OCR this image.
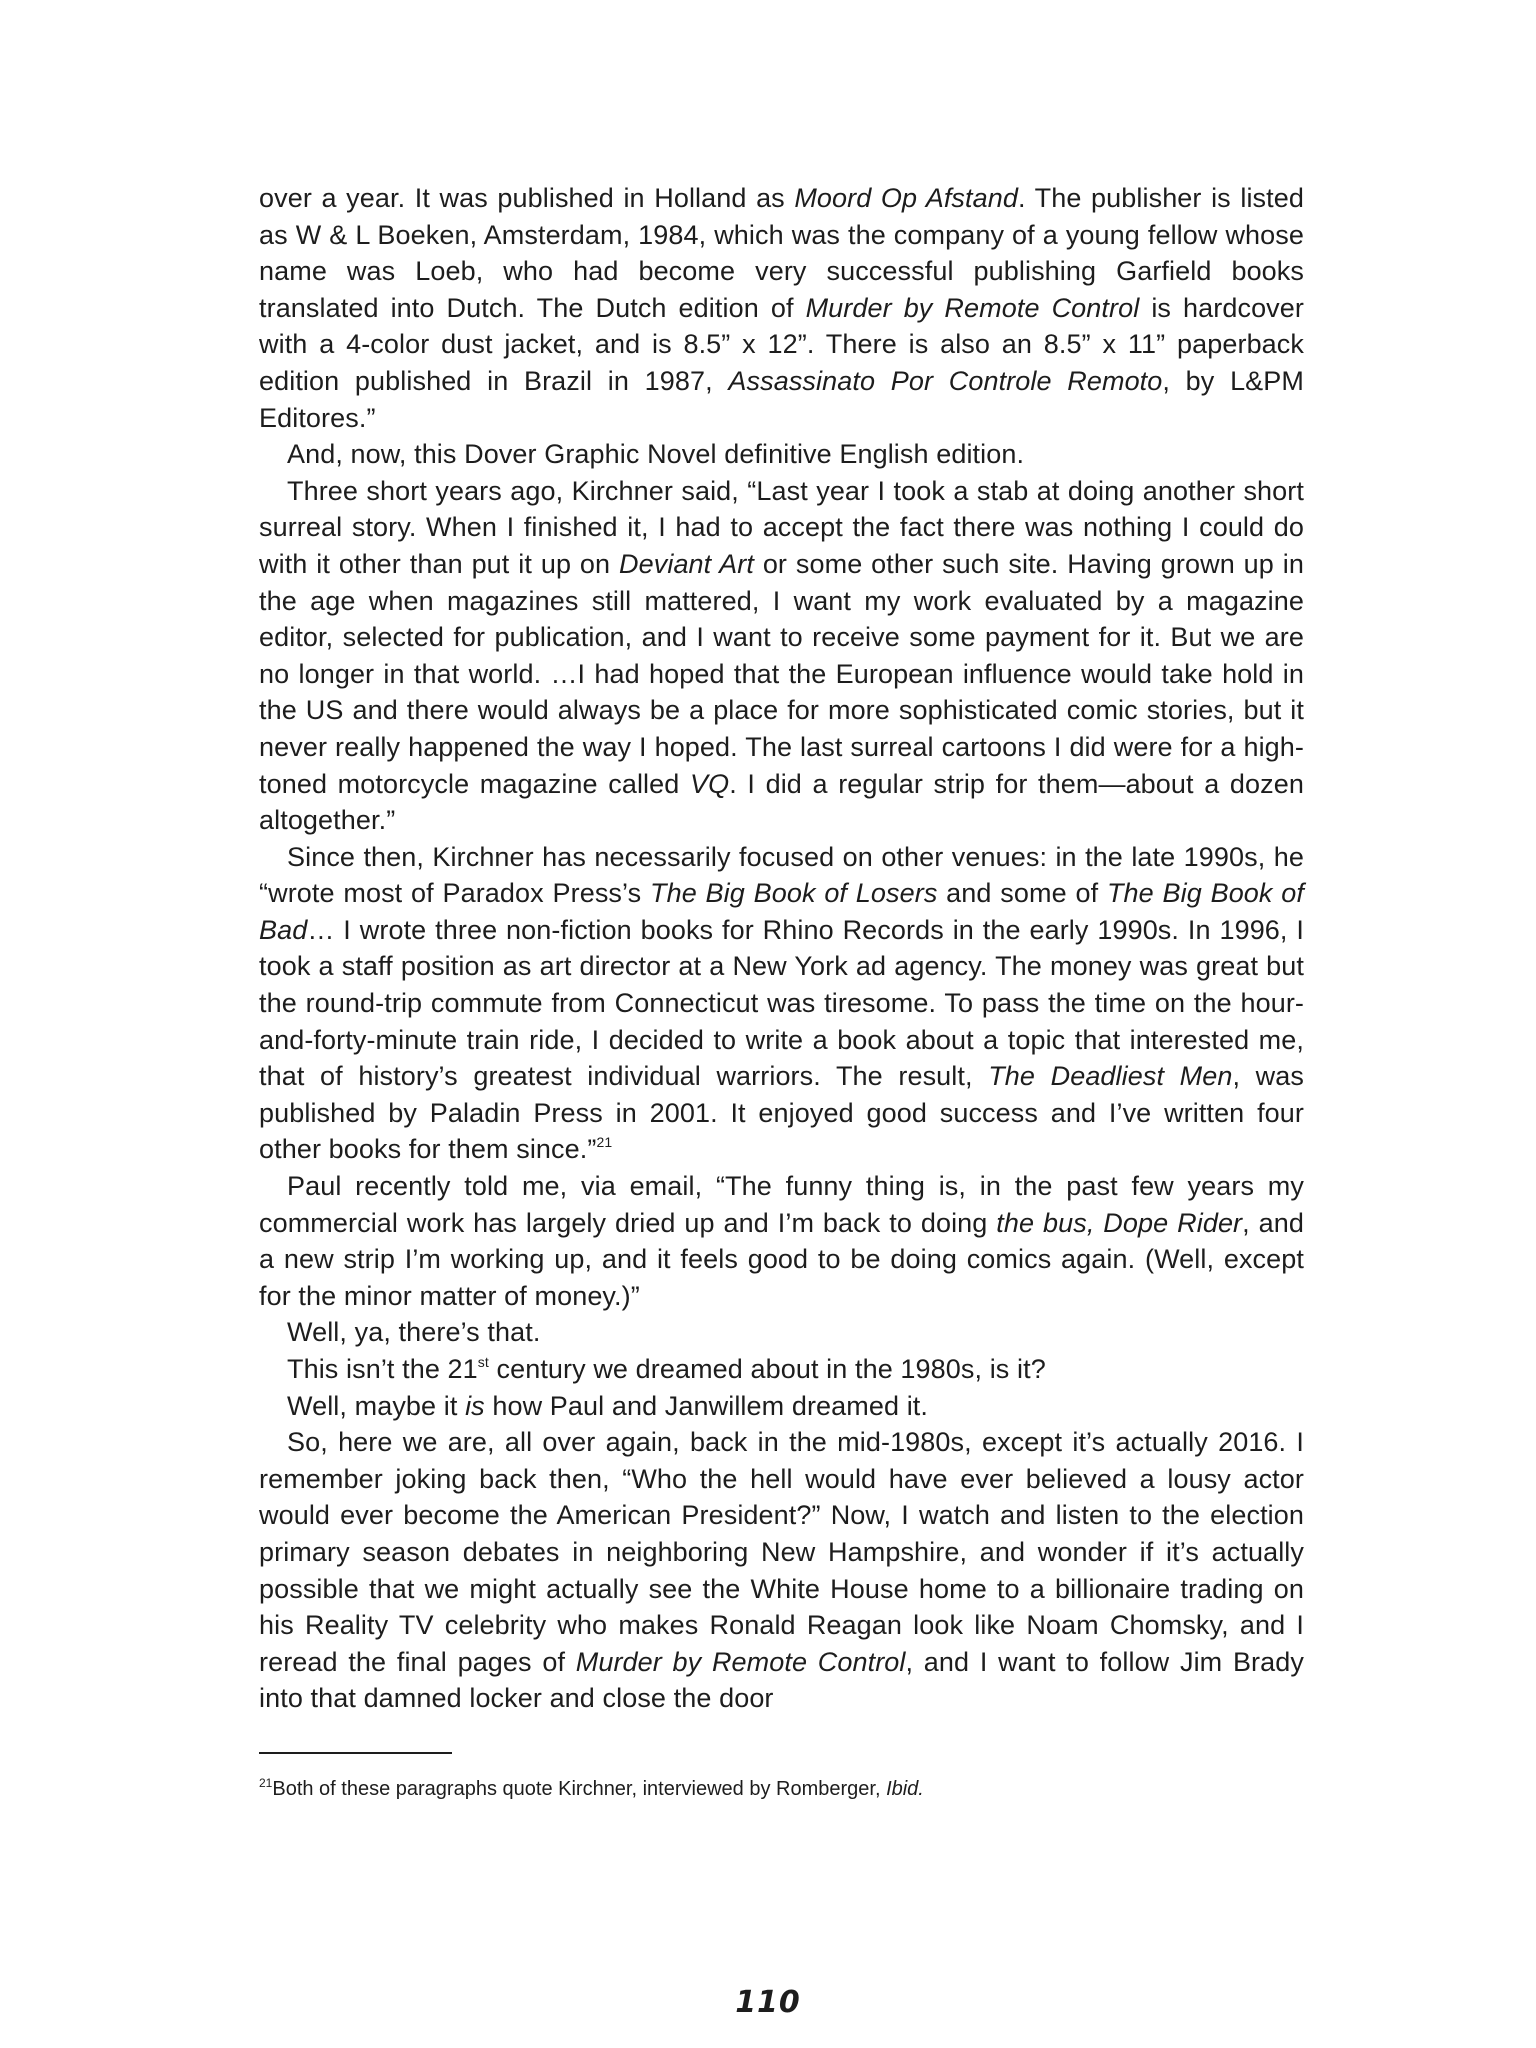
over a year. It was published in Holland as Moord Op Afstand. The publisher is listed as W & L Boeken, Amsterdam, 1984, which was the company of a young fellow whose name was Loeb, who had become very successful publishing Garfield books translated into Dutch. The Dutch edition of Murder by Remote Control is hardcover with a 4-color dust jacket, and is 8.5” x 12”. There is also an 8.5” x 11” paperback edition published in Brazil in 1987, Assassinato Por Controle Remoto, by L&PM Editores.”

And, now, this Dover Graphic Novel definitive English edition.

Three short years ago, Kirchner said, “Last year I took a stab at doing another short surreal story. When I finished it, I had to accept the fact there was nothing I could do with it other than put it up on Deviant Art or some other such site. Having grown up in the age when magazines still mattered, I want my work evaluated by a magazine editor, selected for publication, and I want to receive some payment for it. But we are no longer in that world. …I had hoped that the European influence would take hold in the US and there would always be a place for more sophisticated comic stories, but it never really happened the way I hoped. The last surreal cartoons I did were for a high-toned motorcycle magazine called VQ. I did a regular strip for them—about a dozen altogether.”

Since then, Kirchner has necessarily focused on other venues: in the late 1990s, he “wrote most of Paradox Press’s The Big Book of Losers and some of The Big Book of Bad… I wrote three non-fiction books for Rhino Records in the early 1990s. In 1996, I took a staff position as art director at a New York ad agency. The money was great but the round-trip commute from Connecticut was tiresome. To pass the time on the hour-and-forty-minute train ride, I decided to write a book about a topic that interested me, that of history’s greatest individual warriors. The result, The Deadliest Men, was published by Paladin Press in 2001. It enjoyed good success and I’ve written four other books for them since.”$^{21}$

Paul recently told me, via email, “The funny thing is, in the past few years my commercial work has largely dried up and I’m back to doing the bus, Dope Rider, and a new strip I’m working up, and it feels good to be doing comics again. (Well, except for the minor matter of money.)”

Well, ya, there’s that.

This isn’t the 21st century we dreamed about in the 1980s, is it?

Well, maybe it is how Paul and Janwillem dreamed it.

So, here we are, all over again, back in the mid-1980s, except it’s actually 2016. I remember joking back then, “Who the hell would have ever believed a lousy actor would ever become the American President?” Now, I watch and listen to the election primary season debates in neighboring New Hampshire, and wonder if it’s actually possible that we might actually see the White House home to a billionaire trading on his Reality TV celebrity who makes Ronald Reagan look like Noam Chomsky, and I reread the final pages of Murder by Remote Control, and I want to follow Jim Brady into that damned locker and close the door

$^{21}$Both of these paragraphs quote Kirchner, interviewed by Romberger, Ibid.
110
